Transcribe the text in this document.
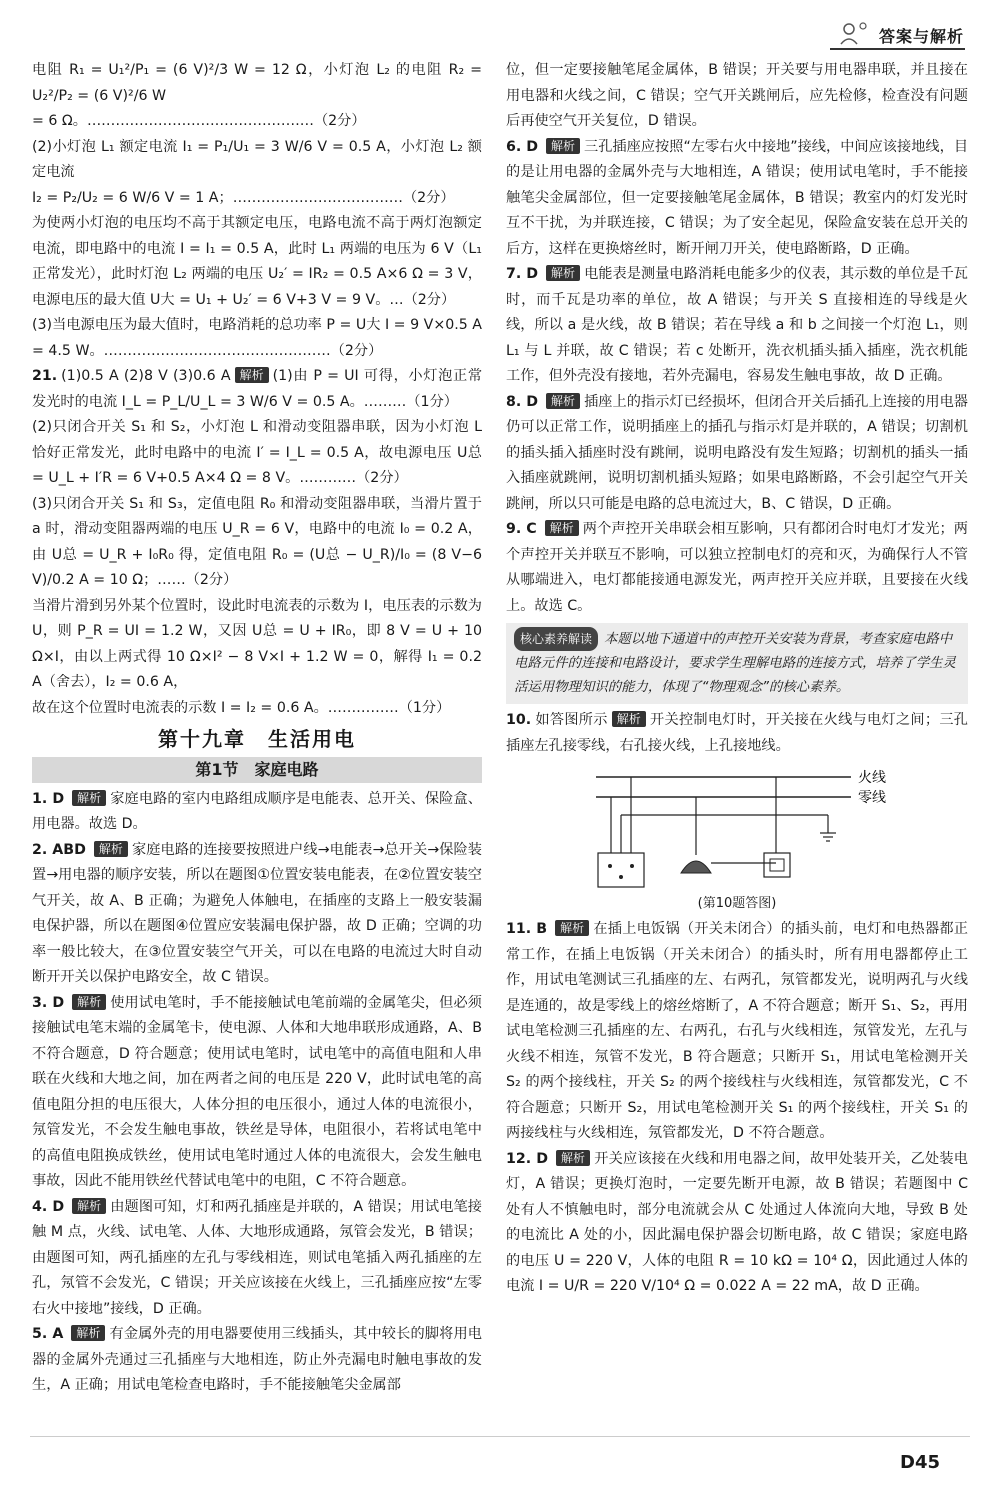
答案与解析

电阻 R₁ = U₁²/P₁ = (6 V)²/3 W = 12 Ω，小灯泡 L₂ 的电阻 R₂ = U₂²/P₂ = (6 V)²/6 W

= 6 Ω。…………………………………………（2分）

(2)小灯泡 L₁ 额定电流 I₁ = P₁/U₁ = 3 W/6 V = 0.5 A，小灯泡 L₂ 额定电流

I₂ = P₂/U₂ = 6 W/6 V = 1 A；………………………………（2分）

为使两小灯泡的电压均不高于其额定电压，电路电流不高于两灯泡额定电流，即电路中的电流 I = I₁ = 0.5 A，此时 L₁ 两端的电压为 6 V（L₁ 正常发光），此时灯泡 L₂ 两端的电压 U₂′ = IR₂ = 0.5 A×6 Ω = 3 V，电源电压的最大值 U大 = U₁ + U₂′ = 6 V+3 V = 9 V。…（2分）

(3)当电源电压为最大值时，电路消耗的总功率 P = U大 I = 9 V×0.5 A = 4.5 W。…………………………………………（2分）

21. (1)0.5 A (2)8 V (3)0.6 A 解析 (1)由 P = UI 可得，小灯泡正常发光时的电流 I_L = P_L/U_L = 3 W/6 V = 0.5 A。………（1分）

(2)只闭合开关 S₁ 和 S₂，小灯泡 L 和滑动变阻器串联，因为小灯泡 L 恰好正常发光，此时电路中的电流 I′ = I_L = 0.5 A，故电源电压 U总 = U_L + I′R = 6 V+0.5 A×4 Ω = 8 V。…………（2分）

(3)只闭合开关 S₁ 和 S₃，定值电阻 R₀ 和滑动变阻器串联，当滑片置于 a 时，滑动变阻器两端的电压 U_R = 6 V，电路中的电流 I₀ = 0.2 A，由 U总 = U_R + I₀R₀ 得，定值电阻 R₀ = (U总 − U_R)/I₀ = (8 V−6 V)/0.2 A = 10 Ω；……（2分）

当滑片滑到另外某个位置时，设此时电流表的示数为 I，电压表的示数为 U，则 P_R = UI = 1.2 W，又因 U总 = U + IR₀，即 8 V = U + 10 Ω×I，由以上两式得 10 Ω×I² − 8 V×I + 1.2 W = 0，解得 I₁ = 0.2 A（舍去），I₂ = 0.6 A，

故在这个位置时电流表的示数 I = I₂ = 0.6 A。……………（1分）

第十九章　生活用电
第1节　家庭电路

1. D 解析 家庭电路的室内电路组成顺序是电能表、总开关、保险盒、用电器。故选 D。

2. ABD 解析 家庭电路的连接要按照进户线→电能表→总开关→保险装置→用电器的顺序安装，所以在题图①位置安装电能表，在②位置安装空气开关，故 A、B 正确；为避免人体触电，在插座的支路上一般安装漏电保护器，所以在题图④位置应安装漏电保护器，故 D 正确；空调的功率一般比较大，在③位置安装空气开关，可以在电路的电流过大时自动断开开关以保护电路安全，故 C 错误。

3. D 解析 使用试电笔时，手不能接触试电笔前端的金属笔尖，但必须接触试电笔末端的金属笔卡，使电源、人体和大地串联形成通路，A、B 不符合题意，D 符合题意；使用试电笔时，试电笔中的高值电阻和人串联在火线和大地之间，加在两者之间的电压是 220 V，此时试电笔的高值电阻分担的电压很大，人体分担的电压很小，通过人体的电流很小，氖管发光，不会发生触电事故，铁丝是导体，电阻很小，若将试电笔中的高值电阻换成铁丝，使用试电笔时通过人体的电流很大，会发生触电事故，因此不能用铁丝代替试电笔中的电阻，C 不符合题意。

4. D 解析 由题图可知，灯和两孔插座是并联的，A 错误；用试电笔接触 M 点，火线、试电笔、人体、大地形成通路，氖管会发光，B 错误；由题图可知，两孔插座的左孔与零线相连，则试电笔插入两孔插座的左孔，氖管不会发光，C 错误；开关应该接在火线上，三孔插座应按“左零右火中接地”接线，D 正确。

5. A 解析 有金属外壳的用电器要使用三线插头，其中较长的脚将用电器的金属外壳通过三孔插座与大地相连，防止外壳漏电时触电事故的发生，A 正确；用试电笔检查电路时，手不能接触笔尖金属部

位，但一定要接触笔尾金属体，B 错误；开关要与用电器串联，并且接在用电器和火线之间，C 错误；空气开关跳闸后，应先检修，检查没有问题后再使空气开关复位，D 错误。

6. D 解析 三孔插座应按照“左零右火中接地”接线，中间应该接地线，目的是让用电器的金属外壳与大地相连，A 错误；使用试电笔时，手不能接触笔尖金属部位，但一定要接触笔尾金属体，B 错误；教室内的灯发光时互不干扰，为并联连接，C 错误；为了安全起见，保险盒安装在总开关的后方，这样在更换熔丝时，断开闸刀开关，使电路断路，D 正确。

7. D 解析 电能表是测量电路消耗电能多少的仪表，其示数的单位是千瓦时，而千瓦是功率的单位，故 A 错误；与开关 S 直接相连的导线是火线，所以 a 是火线，故 B 错误；若在导线 a 和 b 之间接一个灯泡 L₁，则 L₁ 与 L 并联，故 C 错误；若 c 处断开，洗衣机插头插入插座，洗衣机能工作，但外壳没有接地，若外壳漏电，容易发生触电事故，故 D 正确。

8. D 解析 插座上的指示灯已经损坏，但闭合开关后插孔上连接的用电器仍可以正常工作，说明插座上的插孔与指示灯是并联的，A 错误；切割机的插头插入插座时没有跳闸，说明电路没有发生短路；切割机的插头一插入插座就跳闸，说明切割机插头短路；如果电路断路，不会引起空气开关跳闸，所以只可能是电路的总电流过大，B、C 错误，D 正确。

9. C 解析 两个声控开关串联会相互影响，只有都闭合时电灯才发光；两个声控开关并联互不影响，可以独立控制电灯的亮和灭，为确保行人不管从哪端进入，电灯都能接通电源发光，两声控开关应并联，且要接在火线上。故选 C。

核心素养解读 本题以地下通道中的声控开关安装为背景，考查家庭电路中电路元件的连接和电路设计，要求学生理解电路的连接方式，培养了学生灵活运用物理知识的能力，体现了“物理观念”的核心素养。

10. 如答图所示 解析 开关控制电灯时，开关接在火线与电灯之间；三孔插座左孔接零线，右孔接火线，上孔接地线。

火线
零线
(第10题答图)

11. B 解析 在插上电饭锅（开关未闭合）的插头前，电灯和电热器都正常工作，在插上电饭锅（开关未闭合）的插头时，所有用电器都停止工作，用试电笔测试三孔插座的左、右两孔，氖管都发光，说明两孔与火线是连通的，故是零线上的熔丝熔断了，A 不符合题意；断开 S₁、S₂，再用试电笔检测三孔插座的左、右两孔，右孔与火线相连，氖管发光，左孔与火线不相连，氖管不发光，B 符合题意；只断开 S₁，用试电笔检测开关 S₂ 的两个接线柱，开关 S₂ 的两个接线柱与火线相连，氖管都发光，C 不符合题意；只断开 S₂，用试电笔检测开关 S₁ 的两个接线柱，开关 S₁ 的两接线柱与火线相连，氖管都发光，D 不符合题意。

12. D 解析 开关应该接在火线和用电器之间，故甲处装开关，乙处装电灯，A 错误；更换灯泡时，一定要先断开电源，故 B 错误；若题图中 C 处有人不慎触电时，部分电流就会从 C 处通过人体流向大地，导致 B 处的电流比 A 处的小，因此漏电保护器会切断电路，故 C 错误；家庭电路的电压 U = 220 V，人体的电阻 R = 10 kΩ = 10⁴ Ω，因此通过人体的电流 I = U/R = 220 V/10⁴ Ω = 0.022 A = 22 mA，故 D 正确。

D45
